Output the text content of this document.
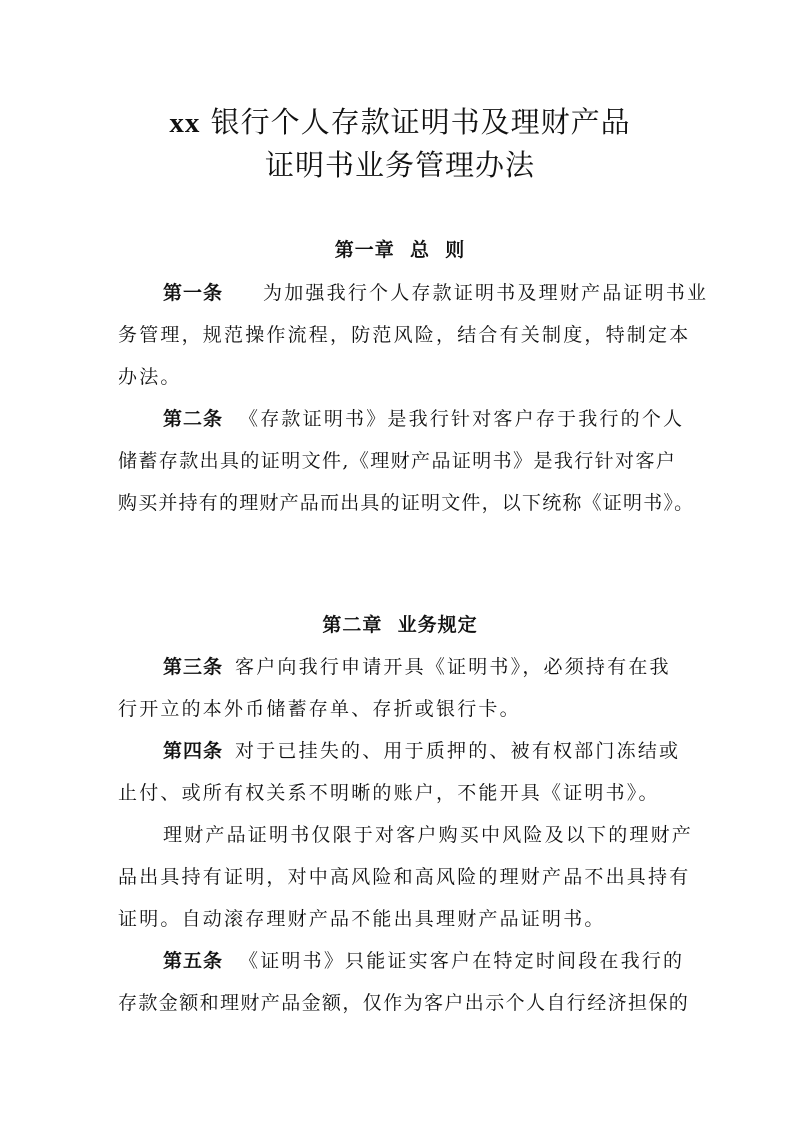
xx 银行个人存款证明书及理财产品
证明书业务管理办法
第一章  总  则
第一条 为加强我行个人存款证明书及理财产品证明书业
务管理，规范操作流程，防范风险，结合有关制度，特制定本
办法。
第二条 《存款证明书》是我行针对客户存于我行的个人
储蓄存款出具的证明文件,《理财产品证明书》是我行针对客户
购买并持有的理财产品而出具的证明文件，以下统称《证明书》。
第二章  业务规定
第三条 客户向我行申请开具《证明书》，必须持有在我
行开立的本外币储蓄存单、存折或银行卡。
第四条 对于已挂失的、用于质押的、被有权部门冻结或
止付、或所有权关系不明晰的账户，不能开具《证明书》。
理财产品证明书仅限于对客户购买中风险及以下的理财产
品出具持有证明，对中高风险和高风险的理财产品不出具持有
证明。自动滚存理财产品不能出具理财产品证明书。
第五条 《证明书》只能证实客户在特定时间段在我行的
存款金额和理财产品金额，仅作为客户出示个人自行经济担保的
